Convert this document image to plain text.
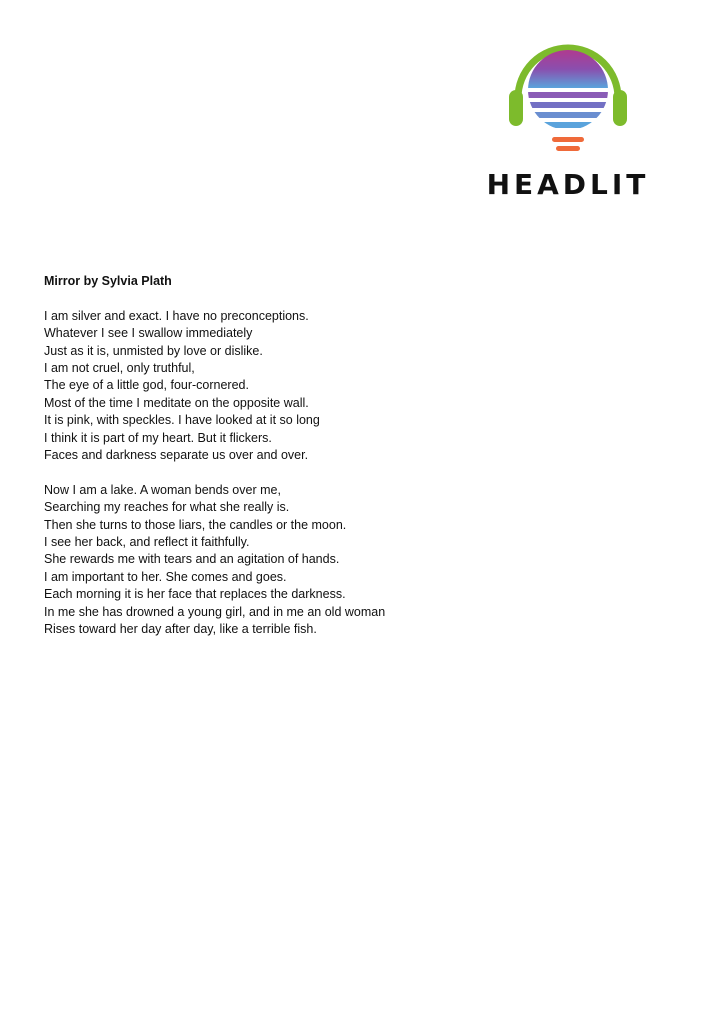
HEADLIT
Mirror by Sylvia Plath
I am silver and exact. I have no preconceptions.
Whatever I see I swallow immediately
Just as it is, unmisted by love or dislike.
I am not cruel, only truthful,
The eye of a little god, four-cornered.
Most of the time I meditate on the opposite wall.
It is pink, with speckles. I have looked at it so long
I think it is part of my heart. But it flickers.
Faces and darkness separate us over and over.
Now I am a lake. A woman bends over me,
Searching my reaches for what she really is.
Then she turns to those liars, the candles or the moon.
I see her back, and reflect it faithfully.
She rewards me with tears and an agitation of hands.
I am important to her. She comes and goes.
Each morning it is her face that replaces the darkness.
In me she has drowned a young girl, and in me an old woman
Rises toward her day after day, like a terrible fish.
